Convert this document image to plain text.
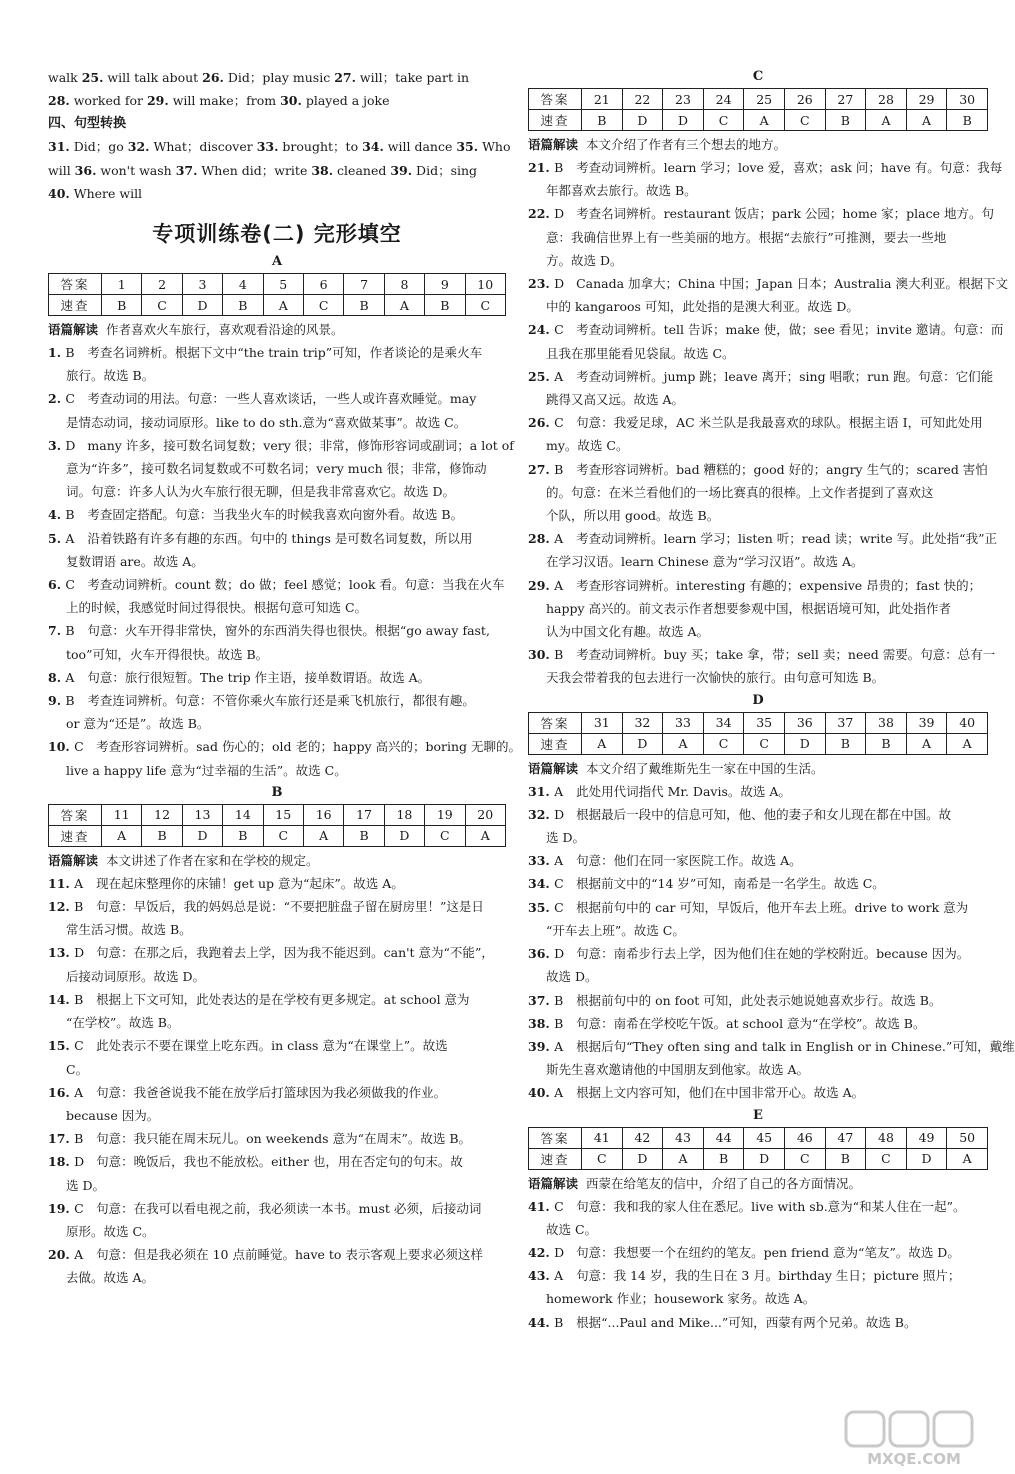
walk 25. will talk about 26. Did；play music 27. will；take part in
28. worked for 29. will make；from 30. played a joke
四、句型转换
31. Did；go 32. What；discover 33. brought；to 34. will dance 35. Who
will 36. won't wash 37. When did；write 38. cleaned 39. Did；sing
40. Where will
专项训练卷(二) 完形填空
A
答案	1	2	3	4	5	6	7	8	9	10
速查	B	C	D	B	A	C	B	A	B	C
语篇解读 作者喜欢火车旅行，喜欢观看沿途的风景。
1. B 考查名词辨析。根据下文中“the train trip”可知，作者谈论的是乘火车
旅行。故选 B。
2. C 考查动词的用法。句意：一些人喜欢谈话，一些人或许喜欢睡觉。may
是情态动词，接动词原形。like to do sth.意为“喜欢做某事”。故选 C。
3. D many 许多，接可数名词复数；very 很；非常，修饰形容词或副词；a lot of
意为“许多”，接可数名词复数或不可数名词；very much 很；非常，修饰动
词。句意：许多人认为火车旅行很无聊，但是我非常喜欢它。故选 D。
4. B 考查固定搭配。句意：当我坐火车的时候我喜欢向窗外看。故选 B。
5. A 沿着铁路有许多有趣的东西。句中的 things 是可数名词复数，所以用
复数谓语 are。故选 A。
6. C 考查动词辨析。count 数；do 做；feel 感觉；look 看。句意：当我在火车
上的时候，我感觉时间过得很快。根据句意可知选 C。
7. B 句意：火车开得非常快，窗外的东西消失得也很快。根据“go away fast,
too”可知，火车开得很快。故选 B。
8. A 句意：旅行很短暂。The trip 作主语，接单数谓语。故选 A。
9. B 考查连词辨析。句意：不管你乘火车旅行还是乘飞机旅行，都很有趣。
or 意为“还是”。故选 B。
10. C 考查形容词辨析。sad 伤心的；old 老的；happy 高兴的；boring 无聊的。
live a happy life 意为“过幸福的生活”。故选 C。
B
答案	11	12	13	14	15	16	17	18	19	20
速查	A	B	D	B	C	A	B	D	C	A
语篇解读 本文讲述了作者在家和在学校的规定。
11. A 现在起床整理你的床铺！get up 意为“起床”。故选 A。
12. B 句意：早饭后，我的妈妈总是说：“不要把脏盘子留在厨房里！”这是日
常生活习惯。故选 B。
13. D 句意：在那之后，我跑着去上学，因为我不能迟到。can't 意为“不能”，
后接动词原形。故选 D。
14. B 根据上下文可知，此处表达的是在学校有更多规定。at school 意为
“在学校”。故选 B。
15. C 此处表示不要在课堂上吃东西。in class 意为“在课堂上”。故选
C。
16. A 句意：我爸爸说我不能在放学后打篮球因为我必须做我的作业。
because 因为。
17. B 句意：我只能在周末玩儿。on weekends 意为“在周末”。故选 B。
18. D 句意：晚饭后，我也不能放松。either 也，用在否定句的句末。故
选 D。
19. C 句意：在我可以看电视之前，我必须读一本书。must 必须，后接动词
原形。故选 C。
20. A 句意：但是我必须在 10 点前睡觉。have to 表示客观上要求必须这样
去做。故选 A。
C
答案	21	22	23	24	25	26	27	28	29	30
速查	B	D	D	C	A	C	B	A	A	B
语篇解读 本文介绍了作者有三个想去的地方。
21. B 考查动词辨析。learn 学习；love 爱，喜欢；ask 问；have 有。句意：我每
年都喜欢去旅行。故选 B。
22. D 考查名词辨析。restaurant 饭店；park 公园；home 家；place 地方。句
意：我确信世界上有一些美丽的地方。根据“去旅行”可推测，要去一些地
方。故选 D。
23. D Canada 加拿大；China 中国；Japan 日本；Australia 澳大利亚。根据下文
中的 kangaroos 可知，此处指的是澳大利亚。故选 D。
24. C 考查动词辨析。tell 告诉；make 使，做；see 看见；invite 邀请。句意：而
且我在那里能看见袋鼠。故选 C。
25. A 考查动词辨析。jump 跳；leave 离开；sing 唱歌；run 跑。句意：它们能
跳得又高又远。故选 A。
26. C 句意：我爱足球，AC 米兰队是我最喜欢的球队。根据主语 I，可知此处用
my。故选 C。
27. B 考查形容词辨析。bad 糟糕的；good 好的；angry 生气的；scared 害怕
的。句意：在米兰看他们的一场比赛真的很棒。上文作者提到了喜欢这
个队，所以用 good。故选 B。
28. A 考查动词辨析。learn 学习；listen 听；read 读；write 写。此处指“我”正
在学习汉语。learn Chinese 意为“学习汉语”。故选 A。
29. A 考查形容词辨析。interesting 有趣的；expensive 昂贵的；fast 快的；
happy 高兴的。前文表示作者想要参观中国，根据语境可知，此处指作者
认为中国文化有趣。故选 A。
30. B 考查动词辨析。buy 买；take 拿，带；sell 卖；need 需要。句意：总有一
天我会带着我的包去进行一次愉快的旅行。由句意可知选 B。
D
答案	31	32	33	34	35	36	37	38	39	40
速查	A	D	A	C	C	D	B	B	A	A
语篇解读 本文介绍了戴维斯先生一家在中国的生活。
31. A 此处用代词指代 Mr. Davis。故选 A。
32. D 根据最后一段中的信息可知，他、他的妻子和女儿现在都在中国。故
选 D。
33. A 句意：他们在同一家医院工作。故选 A。
34. C 根据前文中的“14 岁”可知，南希是一名学生。故选 C。
35. C 根据前句中的 car 可知，早饭后，他开车去上班。drive to work 意为
“开车去上班”。故选 C。
36. D 句意：南希步行去上学，因为他们住在她的学校附近。because 因为。
故选 D。
37. B 根据前句中的 on foot 可知，此处表示她说她喜欢步行。故选 B。
38. B 句意：南希在学校吃午饭。at school 意为“在学校”。故选 B。
39. A 根据后句“They often sing and talk in English or in Chinese.”可知，戴维
斯先生喜欢邀请他的中国朋友到他家。故选 A。
40. A 根据上文内容可知，他们在中国非常开心。故选 A。
E
答案	41	42	43	44	45	46	47	48	49	50
速查	C	D	A	B	D	C	B	C	D	A
语篇解读 西蒙在给笔友的信中，介绍了自己的各方面情况。
41. C 句意：我和我的家人住在悉尼。live with sb.意为“和某人住在一起”。
故选 C。
42. D 句意：我想要一个在纽约的笔友。pen friend 意为“笔友”。故选 D。
43. A 句意：我 14 岁，我的生日在 3 月。birthday 生日；picture 照片；
homework 作业；housework 家务。故选 A。
44. B 根据“...Paul and Mike...”可知，西蒙有两个兄弟。故选 B。
MXQE.COM
